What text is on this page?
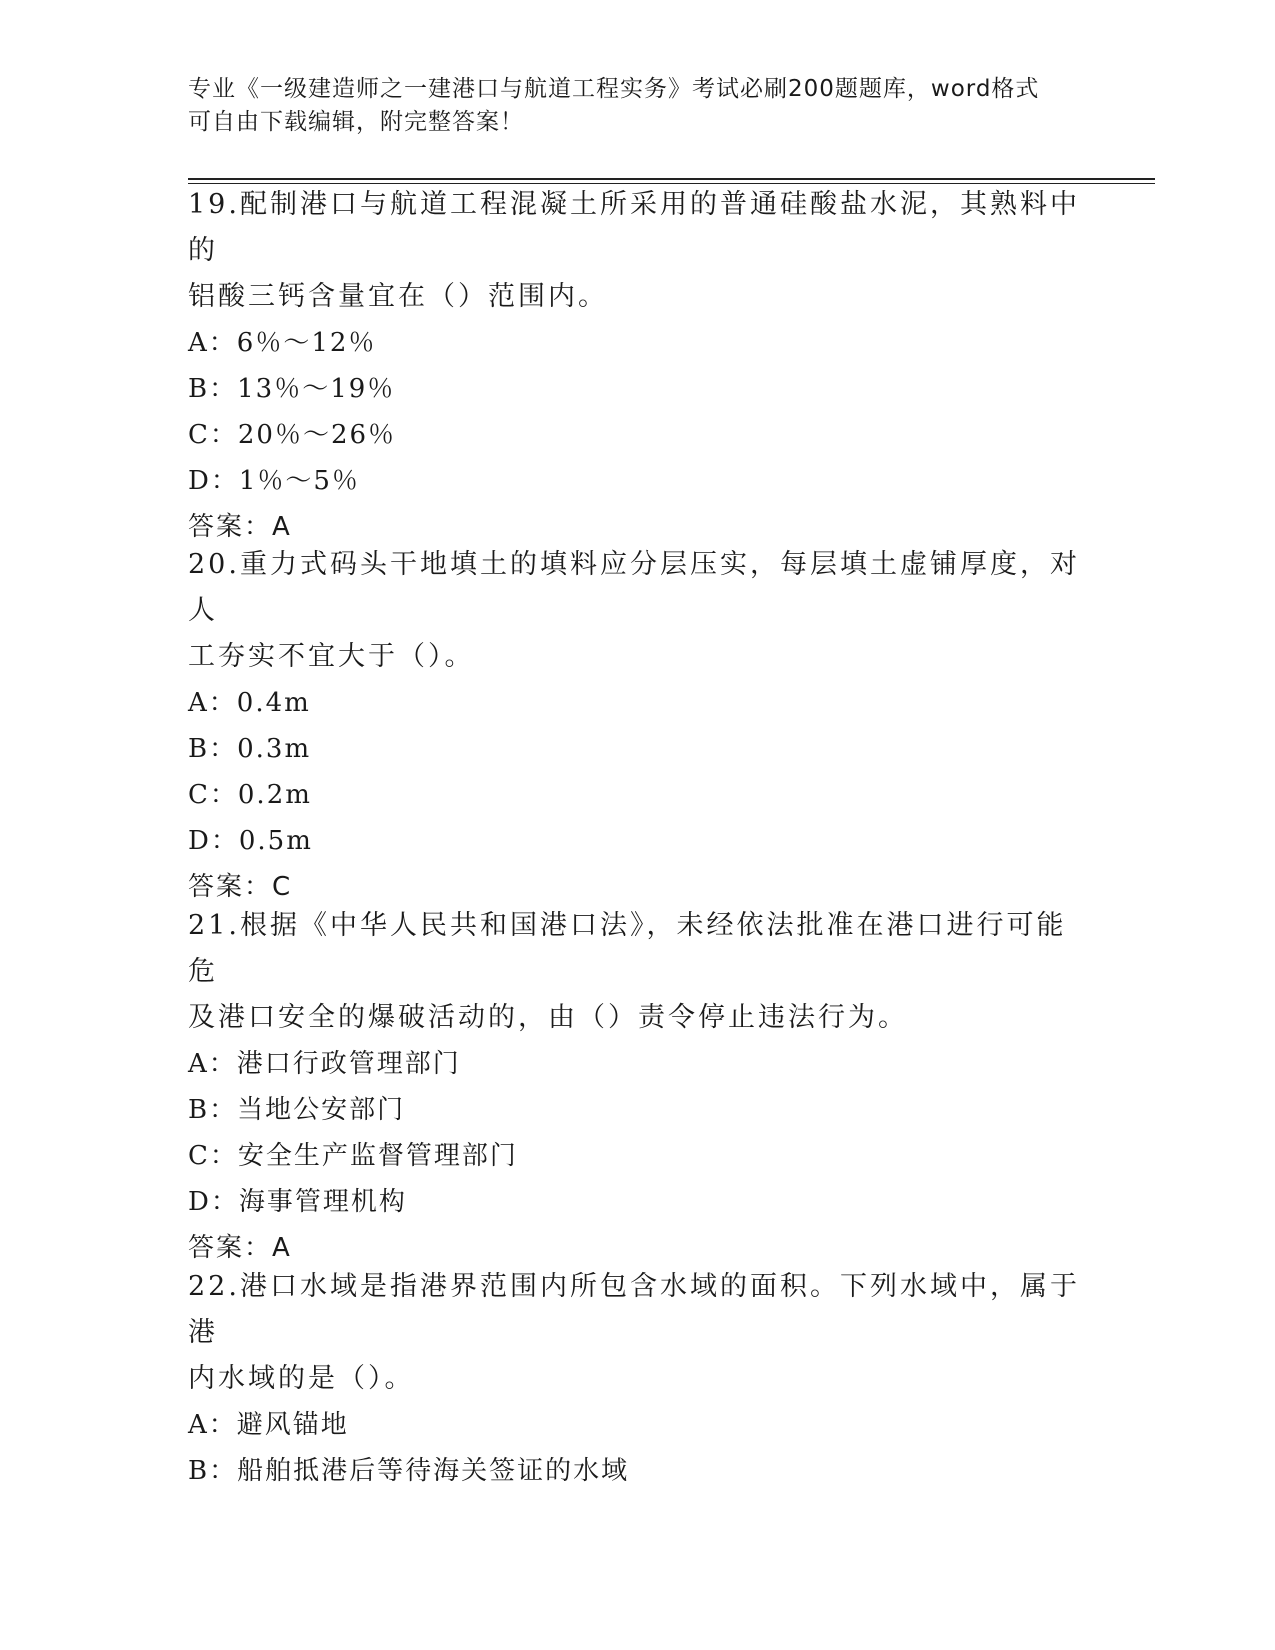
专业《一级建造师之一建港口与航道工程实务》考试必刷200题题库，word格式
可自由下载编辑，附完整答案！

19.配制港口与航道工程混凝土所采用的普通硅酸盐水泥，其熟料中的

铝酸三钙含量宜在（）范围内。

A：6％～12％

B：13％～19％

C：20％～26％

D：1％～5％

答案：A

20.重力式码头干地填土的填料应分层压实，每层填土虚铺厚度，对人

工夯实不宜大于（）。

A：0.4m

B：0.3m

C：0.2m

D：0.5m

答案：C

21.根据《中华人民共和国港口法》，未经依法批准在港口进行可能危

及港口安全的爆破活动的，由（）责令停止违法行为。

A：港口行政管理部门

B：当地公安部门

C：安全生产监督管理部门

D：海事管理机构

答案：A

22.港口水域是指港界范围内所包含水域的面积。下列水域中，属于港

内水域的是（）。

A：避风锚地

B：船舶抵港后等待海关签证的水域
